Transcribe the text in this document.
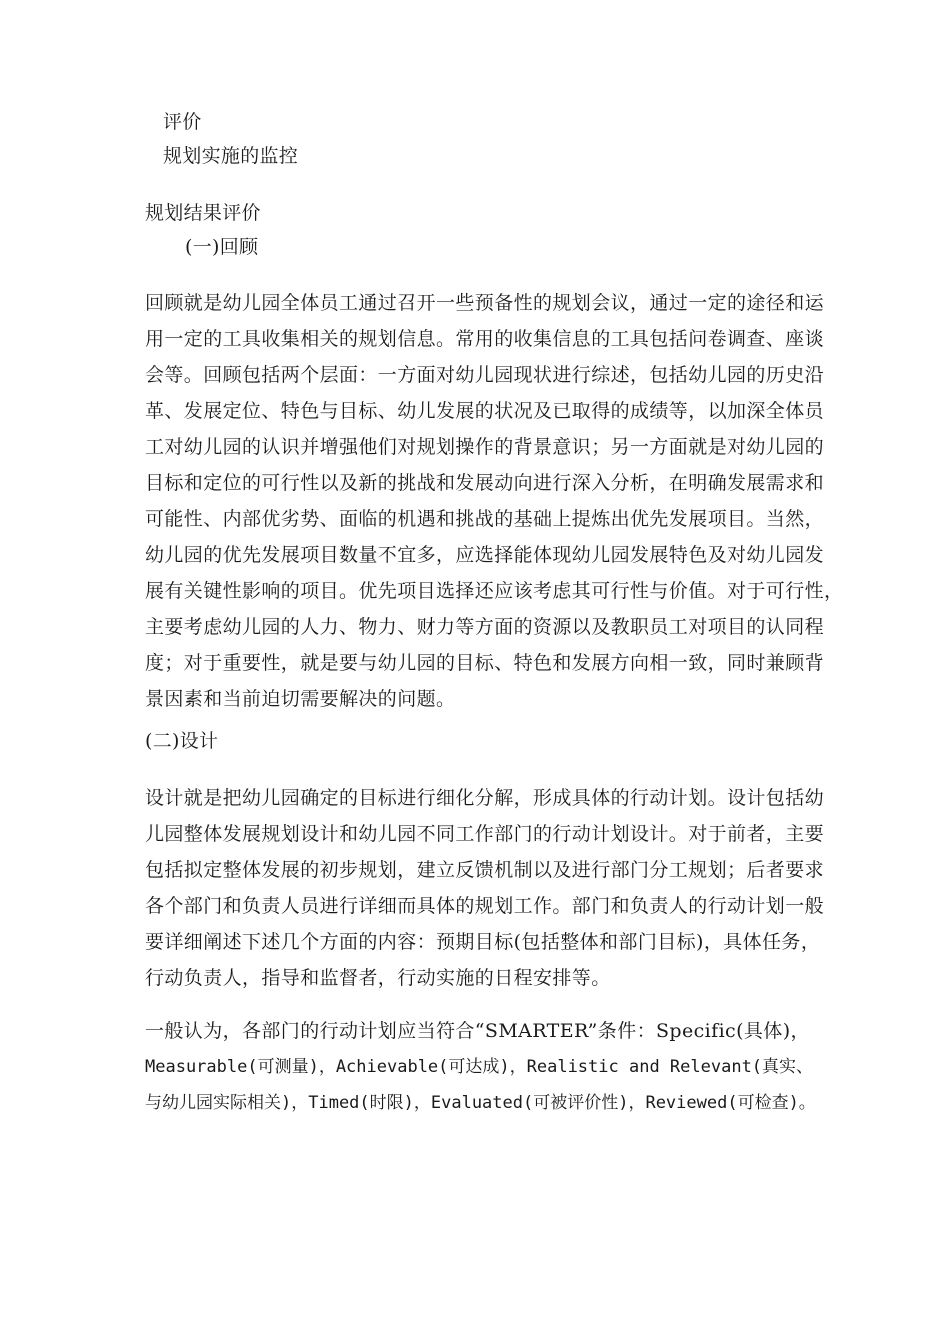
评价
规划实施的监控
规划结果评价
(一)回顾
回顾就是幼儿园全体员工通过召开一些预备性的规划会议，通过一定的途径和运
用一定的工具收集相关的规划信息。常用的收集信息的工具包括问卷调查、座谈
会等。回顾包括两个层面：一方面对幼儿园现状进行综述，包括幼儿园的历史沿
革、发展定位、特色与目标、幼儿发展的状况及已取得的成绩等，以加深全体员
工对幼儿园的认识并增强他们对规划操作的背景意识；另一方面就是对幼儿园的
目标和定位的可行性以及新的挑战和发展动向进行深入分析，在明确发展需求和
可能性、内部优劣势、面临的机遇和挑战的基础上提炼出优先发展项目。当然，
幼儿园的优先发展项目数量不宜多，应选择能体现幼儿园发展特色及对幼儿园发
展有关键性影响的项目。优先项目选择还应该考虑其可行性与价值。对于可行性，
主要考虑幼儿园的人力、物力、财力等方面的资源以及教职员工对项目的认同程
度；对于重要性，就是要与幼儿园的目标、特色和发展方向相一致，同时兼顾背
景因素和当前迫切需要解决的问题。
(二)设计
设计就是把幼儿园确定的目标进行细化分解，形成具体的行动计划。设计包括幼
儿园整体发展规划设计和幼儿园不同工作部门的行动计划设计。对于前者，主要
包括拟定整体发展的初步规划，建立反馈机制以及进行部门分工规划；后者要求
各个部门和负责人员进行详细而具体的规划工作。部门和负责人的行动计划一般
要详细阐述下述几个方面的内容：预期目标(包括整体和部门目标)，具体任务，
行动负责人，指导和监督者，行动实施的日程安排等。
一般认为，各部门的行动计划应当符合“SMARTER”条件：Specific(具体)，
Measurable(可测量)，Achievable(可达成)，Realistic and Relevant(真实、
与幼儿园实际相关)，Timed(时限)，Evaluated(可被评价性)，Reviewed(可检查)。
